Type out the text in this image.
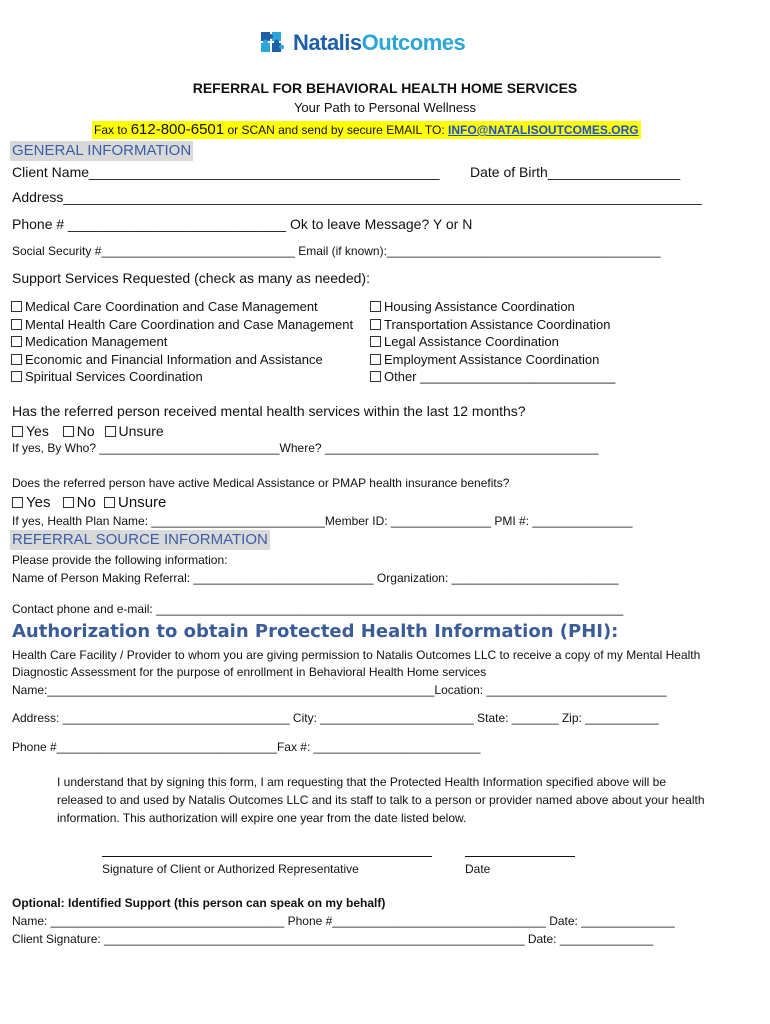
NatalisOutcomes
REFERRAL FOR BEHAVIORAL HEALTH HOME SERVICES
Your Path to Personal Wellness
Fax to 612-800-6501 or SCAN and send by secure EMAIL TO: INFO@NATALISOUTCOMES.ORG
GENERAL INFORMATION
Client Name_____________________________________________ Date of Birth_________________
Address__________________________________________________________________________________
Phone # ____________________________ Ok to leave Message? Y or N
Social Security #_____________________________ Email (if known):_________________________________________
Support Services Requested (check as many as needed):
Medical Care Coordination and Case Management
Mental Health Care Coordination and Case Management
Medication Management
Economic and Financial Information and Assistance
Spiritual Services Coordination
Housing Assistance Coordination
Transportation Assistance Coordination
Legal Assistance Coordination
Employment Assistance Coordination
Other ___________________________
Has the referred person received mental health services within the last 12 months?
Yes No Unsure
If yes, By Who? ___________________________Where? _________________________________________
Does the referred person have active Medical Assistance or PMAP health insurance benefits?
Yes No Unsure
If yes, Health Plan Name: __________________________Member ID: _______________ PMI #: _______________
REFERRAL SOURCE INFORMATION
Please provide the following information:
Name of Person Making Referral: ___________________________ Organization: _________________________
Contact phone and e-mail: ______________________________________________________________________
Authorization to obtain Protected Health Information (PHI):
Health Care Facility / Provider to whom you are giving permission to Natalis Outcomes LLC to receive a copy of my Mental Health
Diagnostic Assessment for the purpose of enrollment in Behavioral Health Home services
Name:__________________________________________________________Location: ___________________________
Address: __________________________________ City: _______________________ State: _______ Zip: ___________
Phone #_________________________________Fax #: _________________________
I understand that by signing this form, I am requesting that the Protected Health Information specified above will be
released to and used by Natalis Outcomes LLC and its staff to talk to a person or provider named above about your health
information. This authorization will expire one year from the date listed below.
Signature of Client or Authorized Representative	Date
Optional: Identified Support (this person can speak on my behalf)
Name: ___________________________________ Phone #________________________________ Date: ______________
Client Signature: _______________________________________________________________ Date: ______________
